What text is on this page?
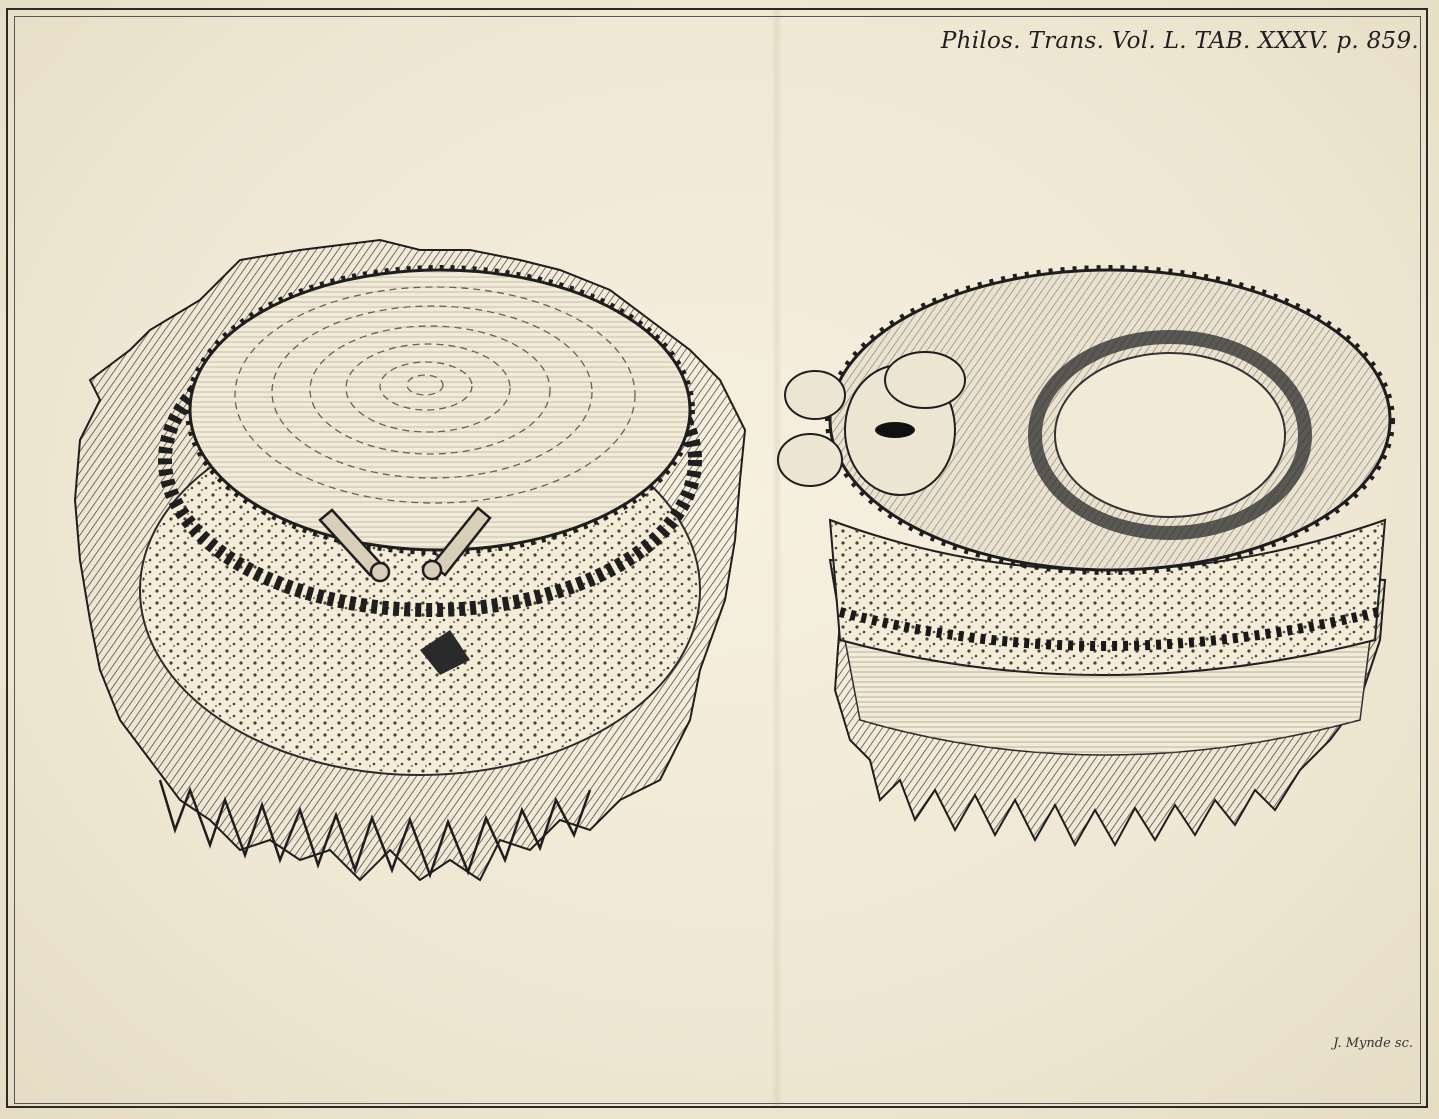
Philos. Trans. Vol. L. TAB. XXXV. p. 859.
J. Mynde sc.
